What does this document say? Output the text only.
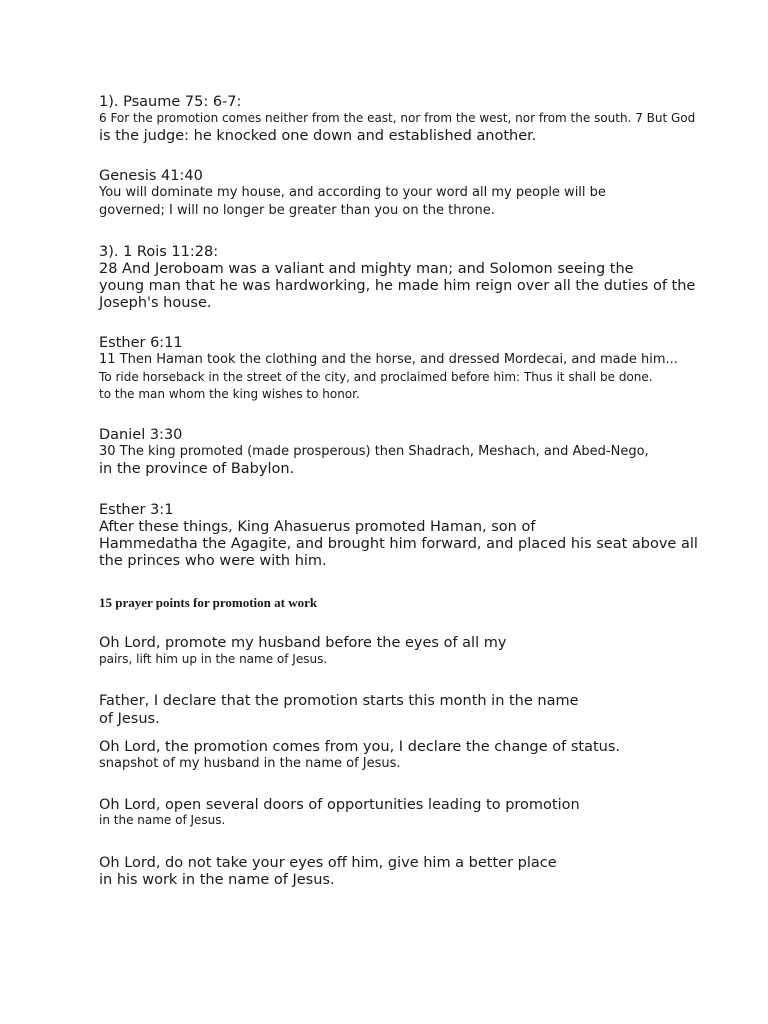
1). Psaume 75: 6-7:
6 For the promotion comes neither from the east, nor from the west, nor from the south. 7 But God
is the judge: he knocked one down and established another.
Genesis 41:40
You will dominate my house, and according to your word all my people will be
governed; I will no longer be greater than you on the throne.
3). 1 Rois 11:28:
28 And Jeroboam was a valiant and mighty man; and Solomon seeing the
young man that he was hardworking, he made him reign over all the duties of the
Joseph's house.
Esther 6:11
11 Then Haman took the clothing and the horse, and dressed Mordecai, and made him...
To ride horseback in the street of the city, and proclaimed before him: Thus it shall be done.
to the man whom the king wishes to honor.
Daniel 3:30
30 The king promoted (made prosperous) then Shadrach, Meshach, and Abed-Nego,
in the province of Babylon.
Esther 3:1
After these things, King Ahasuerus promoted Haman, son of
Hammedatha the Agagite, and brought him forward, and placed his seat above all
the princes who were with him.
15 prayer points for promotion at work
Oh Lord, promote my husband before the eyes of all my
pairs, lift him up in the name of Jesus.
Father, I declare that the promotion starts this month in the name
of Jesus.
Oh Lord, the promotion comes from you, I declare the change of status.
snapshot of my husband in the name of Jesus.
Oh Lord, open several doors of opportunities leading to promotion
in the name of Jesus.
Oh Lord, do not take your eyes off him, give him a better place
in his work in the name of Jesus.
